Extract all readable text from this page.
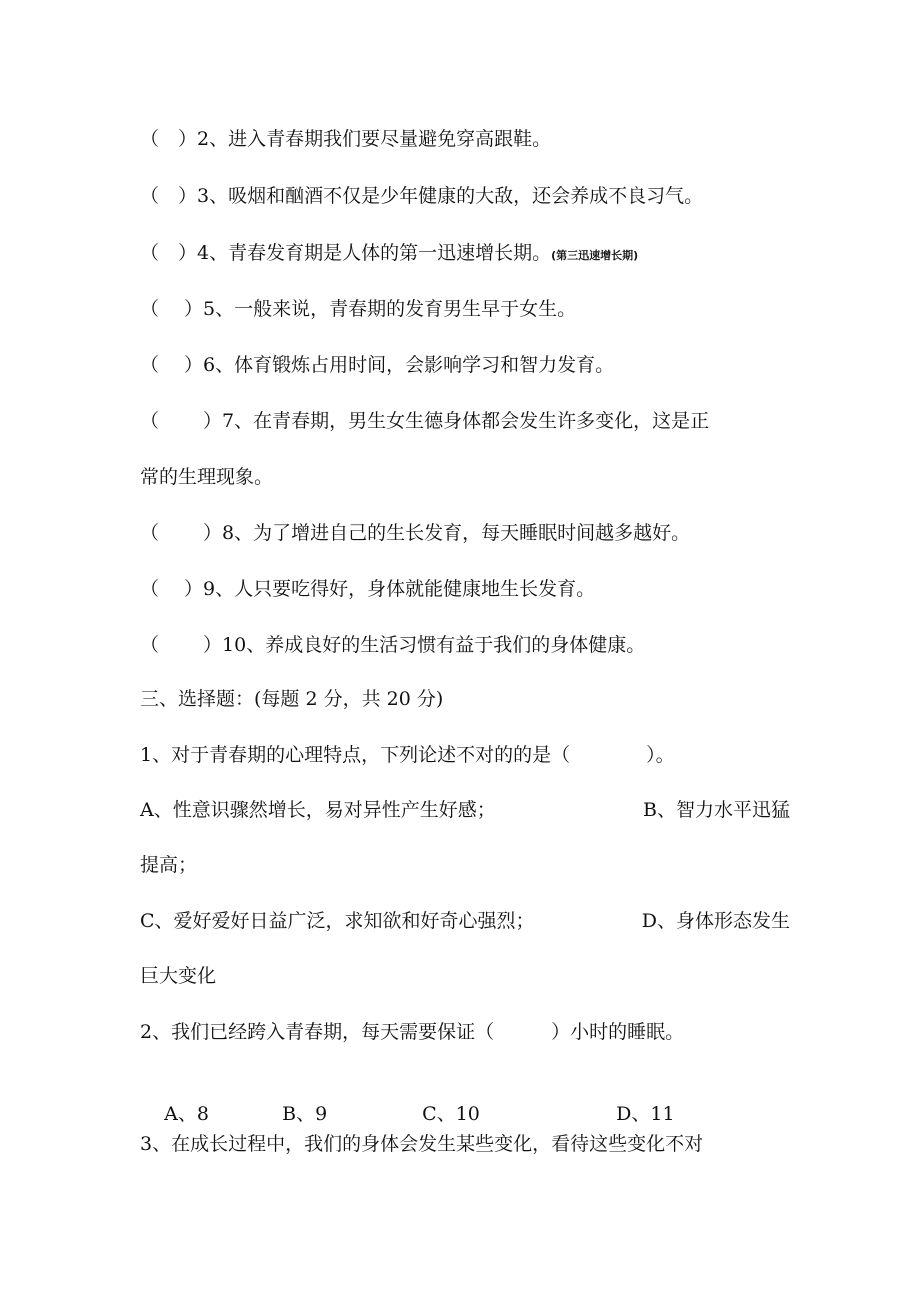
（　）2、进入青春期我们要尽量避免穿高跟鞋。
（　）3、吸烟和酗酒不仅是少年健康的大敌，还会养成不良习气。
（　）4、青春发育期是人体的第一迅速增长期。(第三迅速增长期)
（　 ）5、一般来说，青春期的发育男生早于女生。
（　 ）6、体育锻炼占用时间，会影响学习和智力发育。
（　　 ）7、在青春期，男生女生德身体都会发生许多变化，这是正
常的生理现象。
（　　 ）8、为了增进自己的生长发育，每天睡眠时间越多越好。
（　 ）9、人只要吃得好，身体就能健康地生长发育。
（　　 ）10、养成良好的生活习惯有益于我们的身体健康。
三、选择题：(每题 2 分，共 20 分)
1、对于青春期的心理特点，下列论述不对的的是（　　　　）。
A、性意识骤然增长，易对异性产生好感；	B、智力水平迅猛
提高；
C、爱好爱好日益广泛，求知欲和好奇心强烈；	D、身体形态发生
巨大变化
2、我们已经跨入青春期，每天需要保证（　　　）小时的睡眠。

A、8	B、9	C、10	D、11

3、在成长过程中，我们的身体会发生某些变化，看待这些变化不对
